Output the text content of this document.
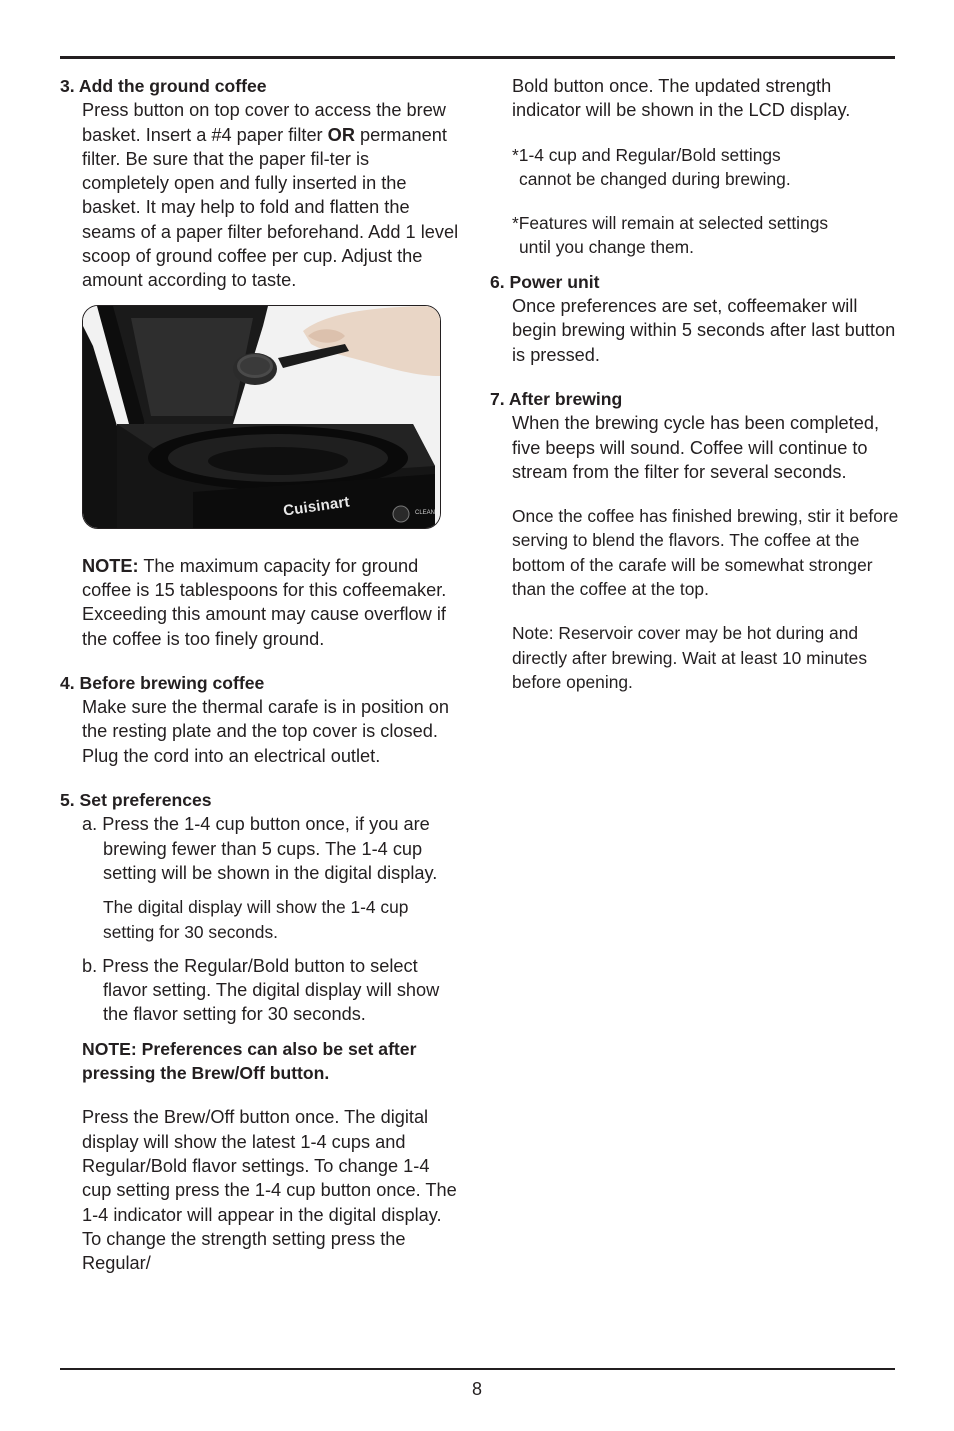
3. Add the ground coffee

Press button on top cover to access the brew basket. Insert a #4 paper filter OR permanent filter. Be sure that the paper fil-ter is completely open and fully inserted in the basket. It may help to fold and flatten the seams of a paper filter beforehand. Add 1 level scoop of ground coffee per cup. Adjust the amount according to taste.

Cuisinart	CLEAN

NOTE: The maximum capacity for ground coffee is 15 tablespoons for this coffeemaker. Exceeding this amount may cause overflow if the coffee is too finely ground.

4. Before brewing coffee

Make sure the thermal carafe is in position on the resting plate and the top cover is closed. Plug the cord into an electrical outlet.

5. Set preferences

a. Press the 1-4 cup button once, if you are brewing fewer than 5 cups. The 1-4 cup setting will be shown in the digital display.

The digital display will show the 1-4 cup setting for 30 seconds.

b. Press the Regular/Bold button to select flavor setting. The digital display will show the flavor setting for 30 seconds.

NOTE: Preferences can also be set after pressing the Brew/Off button.

Press the Brew/Off button once. The digital display will show the latest 1-4 cups and Regular/Bold flavor settings. To change 1-4 cup setting press the 1-4 cup button once. The 1-4 indicator will appear in the digital display. To change the strength setting press the Regular/

Bold button once. The updated strength indicator will be shown in the LCD display.

*1-4 cup and Regular/Bold settings
cannot be changed during brewing.

*Features will remain at selected settings
until you change them.

6. Power unit

Once preferences are set, coffeemaker will begin brewing within 5 seconds after last button is pressed.

7. After brewing

When the brewing cycle has been completed, five beeps will sound. Coffee will continue to stream from the filter for several seconds.

Once the coffee has finished brewing, stir it before serving to blend the flavors. The coffee at the bottom of the carafe will be somewhat stronger than the coffee at the top.

Note: Reservoir cover may be hot during and directly after brewing. Wait at least 10 minutes before opening.

8
